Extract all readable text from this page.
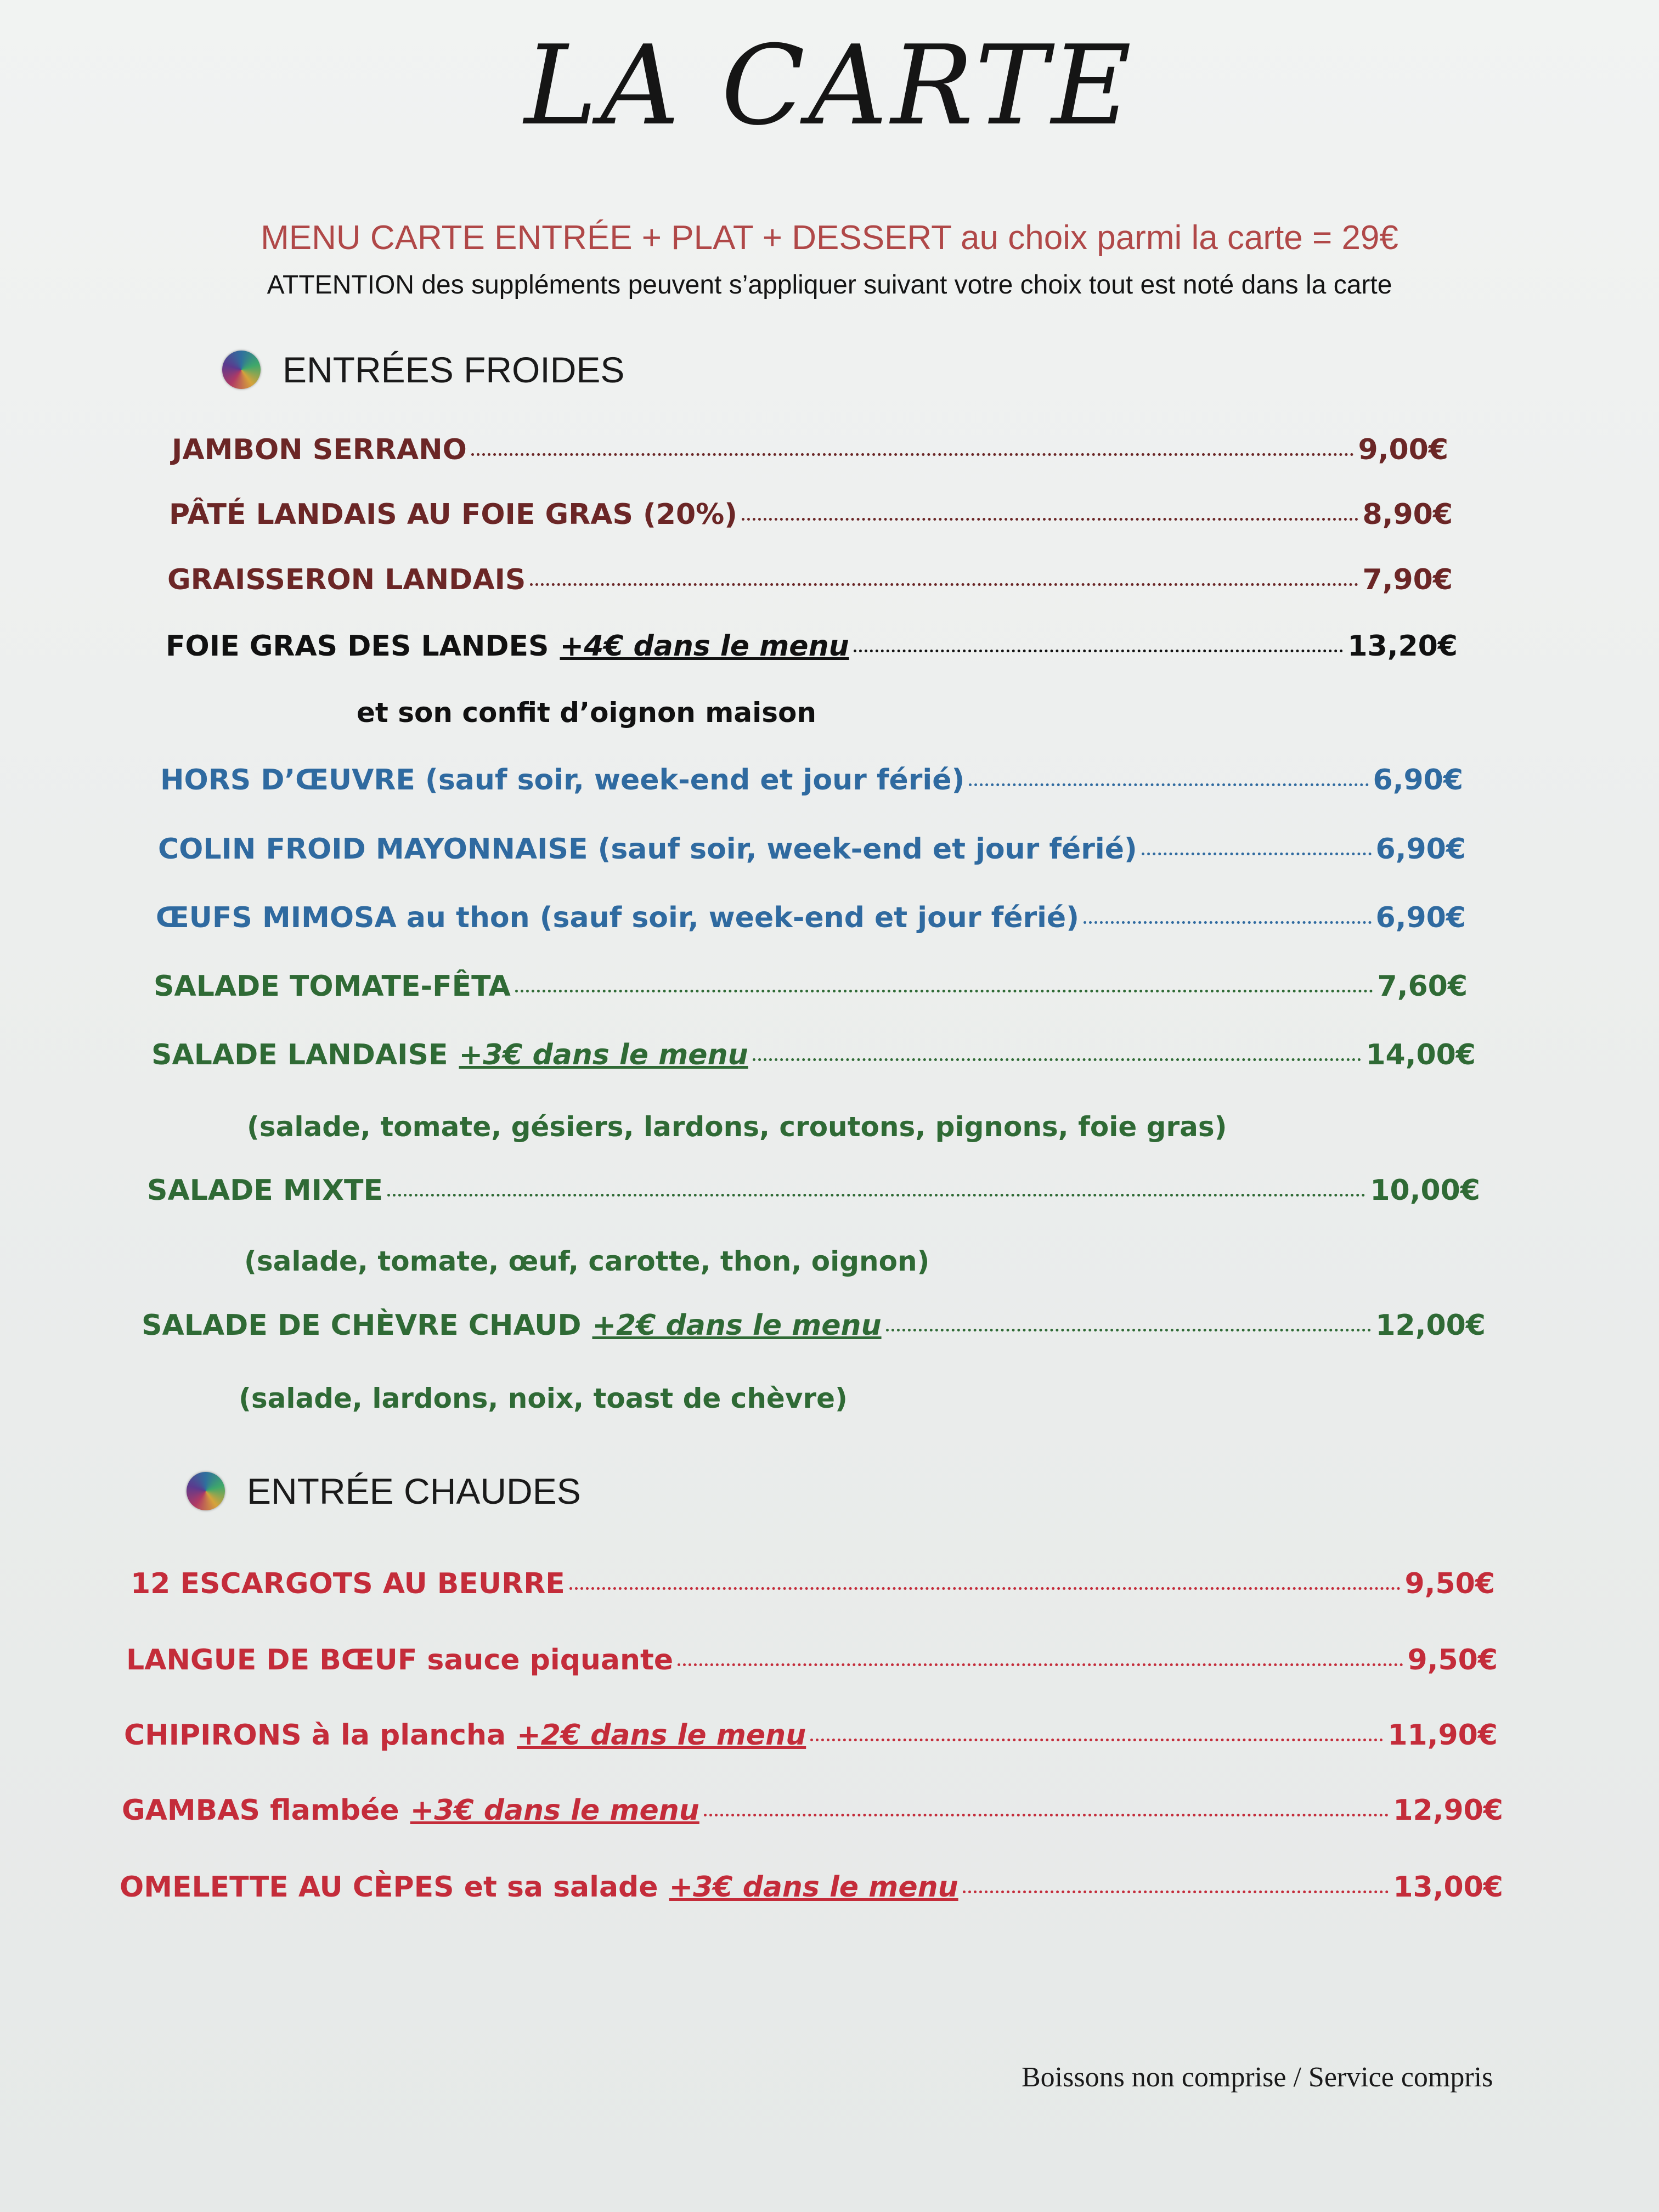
LA CARTE
MENU CARTE ENTRÉE + PLAT + DESSERT au choix parmi la carte = 29€
ATTENTION des suppléments peuvent s’appliquer suivant votre choix tout est noté dans la carte
ENTRÉES FROIDES
JAMBON SERRANO	9,00€
PÂTÉ LANDAIS AU FOIE GRAS (20%)	8,90€
GRAISSERON LANDAIS	7,90€
FOIE GRAS DES LANDES +4€ dans le menu	13,20€
et son confit d’oignon maison
HORS D’ŒUVRE (sauf soir, week-end et jour férié)	6,90€
COLIN FROID MAYONNAISE (sauf soir, week-end et jour férié)	6,90€
ŒUFS MIMOSA au thon (sauf soir, week-end et jour férié)	6,90€
SALADE TOMATE-FÊTA	7,60€
SALADE LANDAISE +3€ dans le menu	14,00€
(salade, tomate, gésiers, lardons, croutons, pignons, foie gras)
SALADE MIXTE	10,00€
(salade, tomate, œuf, carotte, thon, oignon)
SALADE DE CHÈVRE CHAUD +2€ dans le menu	12,00€
(salade, lardons, noix, toast de chèvre)
ENTRÉE CHAUDES
12 ESCARGOTS AU BEURRE	9,50€
LANGUE DE BŒUF sauce piquante	9,50€
CHIPIRONS à la plancha +2€ dans le menu	11,90€
GAMBAS flambée +3€ dans le menu	12,90€
OMELETTE AU CÈPES et sa salade +3€ dans le menu	13,00€
Boissons non comprise / Service compris
